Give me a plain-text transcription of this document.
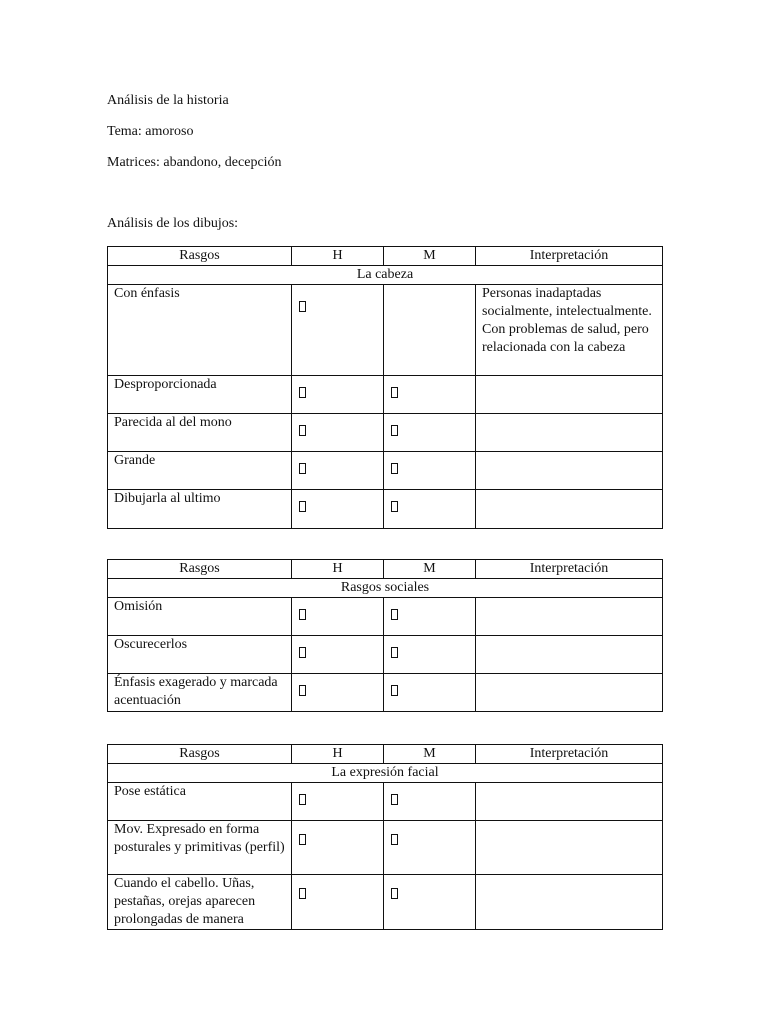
Análisis de la historia

Tema: amoroso

Matrices: abandono, decepción

Análisis de los dibujos:

Rasgos	H	M	Interpretación
La cabeza			
Con énfasis			Personas inadaptadas socialmente, intelectualmente. Con problemas de salud, pero relacionada con la cabeza
Desproporcionada			
Parecida al del mono			
Grande			
Dibujarla al ultimo			
Rasgos	H	M	Interpretación
Rasgos sociales			
Omisión			
Oscurecerlos			
Énfasis exagerado y marcada acentuación			
Rasgos	H	M	Interpretación
La expresión facial			
Pose estática			
Mov. Expresado en forma posturales y primitivas (perfil)			
Cuando el cabello. Uñas, pestañas, orejas aparecen prolongadas de manera			
